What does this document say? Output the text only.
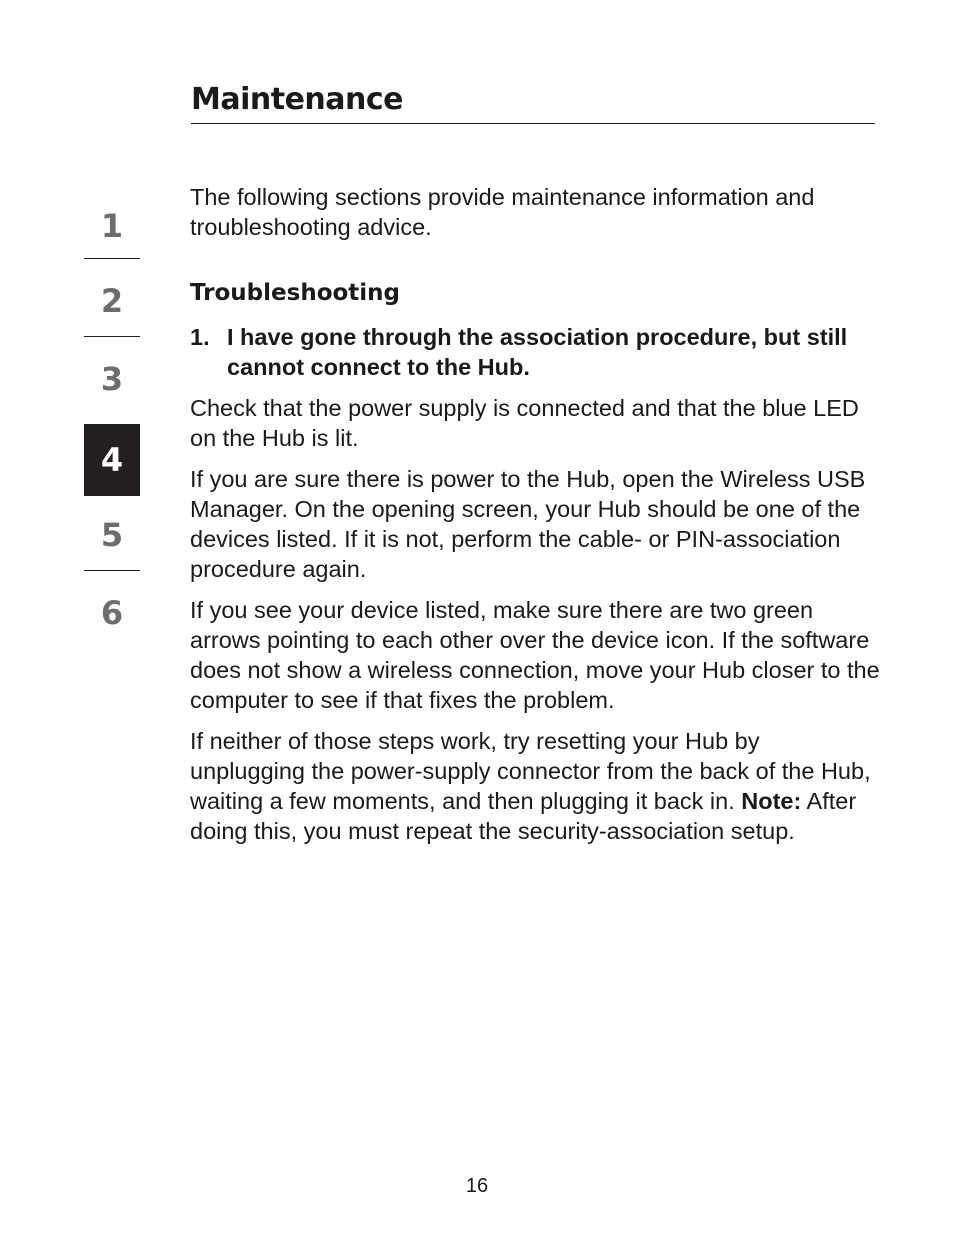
Maintenance
1
2
3
4
5
6

The following sections provide maintenance information and troubleshooting advice.

Troubleshooting
1. I have gone through the association procedure, but still cannot connect to the Hub.

Check that the power supply is connected and that the blue LED on the Hub is lit.

If you are sure there is power to the Hub, open the Wireless USB Manager. On the opening screen, your Hub should be one of the devices listed. If it is not, perform the cable- or PIN-association procedure again.

If you see your device listed, make sure there are two green arrows pointing to each other over the device icon. If the software does not show a wireless connection, move your Hub closer to the computer to see if that fixes the problem.

If neither of those steps work, try resetting your Hub by unplugging the power-supply connector from the back of the Hub, waiting a few moments, and then plugging it back in. Note: After doing this, you must repeat the security-association setup.

16
